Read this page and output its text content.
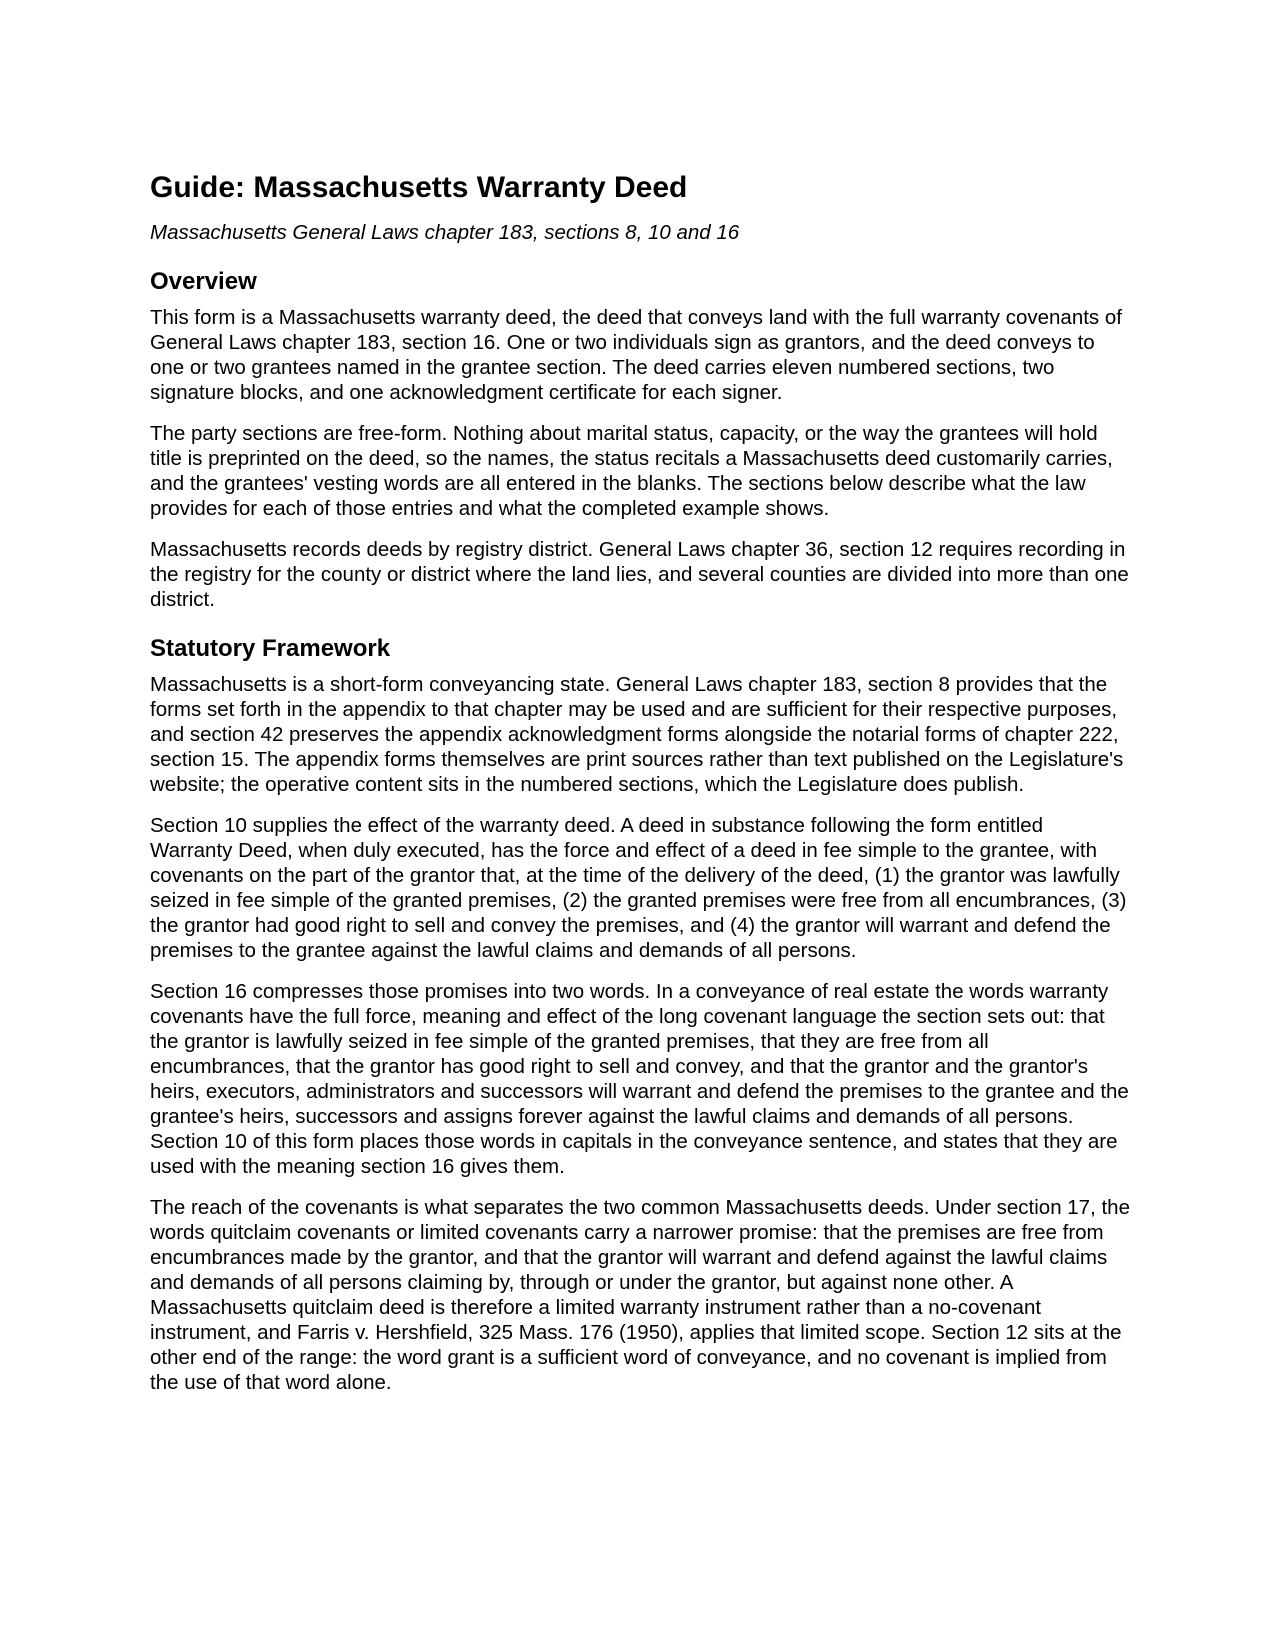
Guide: Massachusetts Warranty Deed
Massachusetts General Laws chapter 183, sections 8, 10 and 16
Overview

This form is a Massachusetts warranty deed, the deed that conveys land with the full warranty covenants of General Laws chapter 183, section 16. One or two individuals sign as grantors, and the deed conveys to one or two grantees named in the grantee section. The deed carries eleven numbered sections, two signature blocks, and one acknowledgment certificate for each signer.

The party sections are free-form. Nothing about marital status, capacity, or the way the grantees will hold title is preprinted on the deed, so the names, the status recitals a Massachusetts deed customarily carries, and the grantees' vesting words are all entered in the blanks. The sections below describe what the law provides for each of those entries and what the completed example shows.

Massachusetts records deeds by registry district. General Laws chapter 36, section 12 requires recording in the registry for the county or district where the land lies, and several counties are divided into more than one district.

Statutory Framework

Massachusetts is a short-form conveyancing state. General Laws chapter 183, section 8 provides that the forms set forth in the appendix to that chapter may be used and are sufficient for their respective purposes, and section 42 preserves the appendix acknowledgment forms alongside the notarial forms of chapter 222, section 15. The appendix forms themselves are print sources rather than text published on the Legislature's website; the operative content sits in the numbered sections, which the Legislature does publish.

Section 10 supplies the effect of the warranty deed. A deed in substance following the form entitled Warranty Deed, when duly executed, has the force and effect of a deed in fee simple to the grantee, with covenants on the part of the grantor that, at the time of the delivery of the deed, (1) the grantor was lawfully seized in fee simple of the granted premises, (2) the granted premises were free from all encumbrances, (3) the grantor had good right to sell and convey the premises, and (4) the grantor will warrant and defend the premises to the grantee against the lawful claims and demands of all persons.

Section 16 compresses those promises into two words. In a conveyance of real estate the words warranty covenants have the full force, meaning and effect of the long covenant language the section sets out: that the grantor is lawfully seized in fee simple of the granted premises, that they are free from all encumbrances, that the grantor has good right to sell and convey, and that the grantor and the grantor's heirs, executors, administrators and successors will warrant and defend the premises to the grantee and the grantee's heirs, successors and assigns forever against the lawful claims and demands of all persons. Section 10 of this form places those words in capitals in the conveyance sentence, and states that they are used with the meaning section 16 gives them.

The reach of the covenants is what separates the two common Massachusetts deeds. Under section 17, the words quitclaim covenants or limited covenants carry a narrower promise: that the premises are free from encumbrances made by the grantor, and that the grantor will warrant and defend against the lawful claims and demands of all persons claiming by, through or under the grantor, but against none other. A Massachusetts quitclaim deed is therefore a limited warranty instrument rather than a no-covenant instrument, and Farris v. Hershfield, 325 Mass. 176 (1950), applies that limited scope. Section 12 sits at the other end of the range: the word grant is a sufficient word of conveyance, and no covenant is implied from the use of that word alone.
